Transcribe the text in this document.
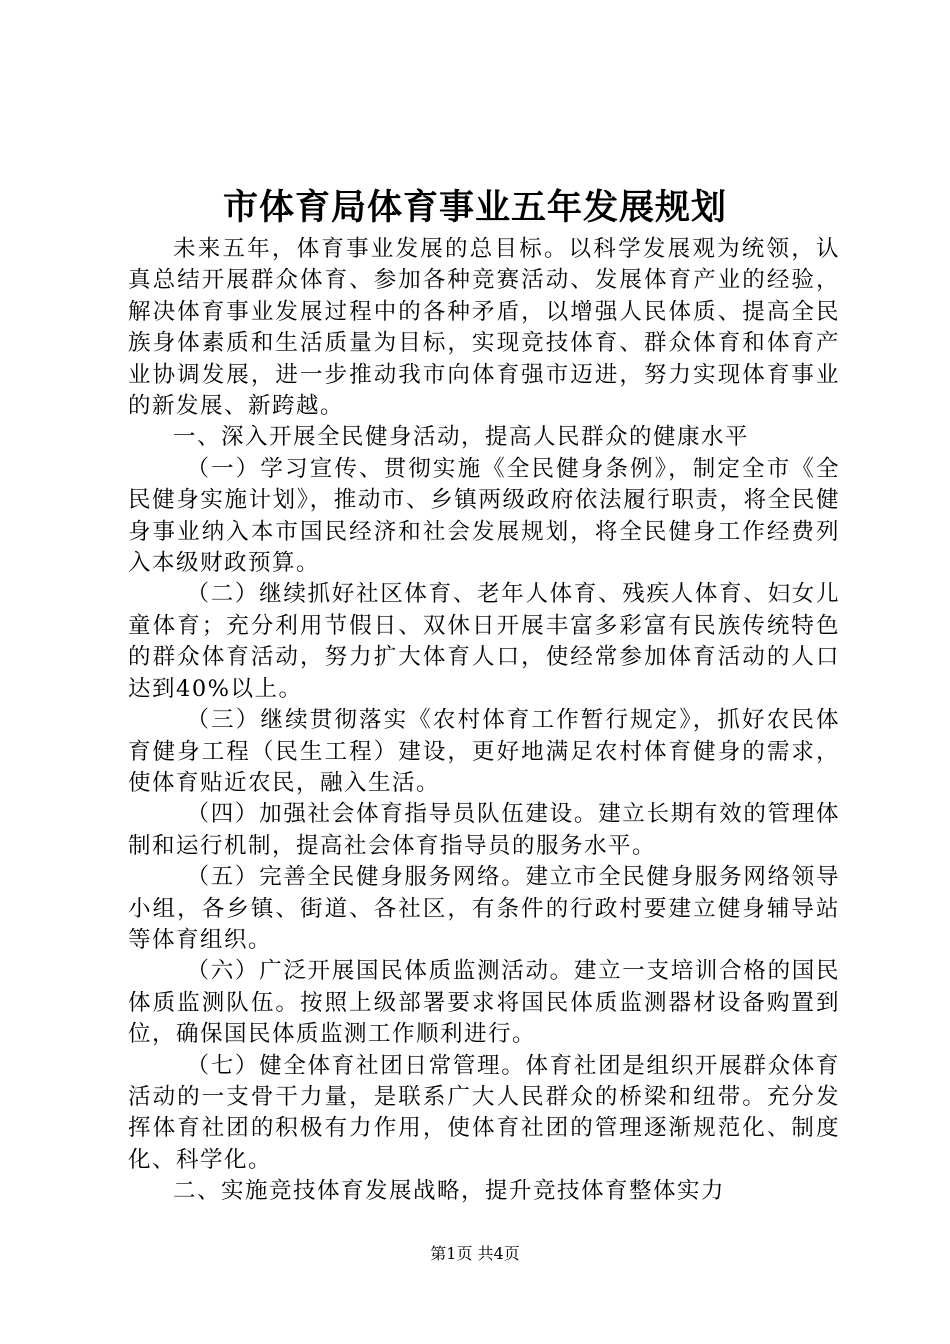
市体育局体育事业五年发展规划

未来五年，体育事业发展的总目标。以科学发展观为统领，认真总结开展群众体育、参加各种竞赛活动、发展体育产业的经验，解决体育事业发展过程中的各种矛盾，以增强人民体质、提高全民族身体素质和生活质量为目标，实现竞技体育、群众体育和体育产业协调发展，进一步推动我市向体育强市迈进，努力实现体育事业的新发展、新跨越。

一、深入开展全民健身活动，提高人民群众的健康水平

（一）学习宣传、贯彻实施《全民健身条例》，制定全市《全民健身实施计划》，推动市、乡镇两级政府依法履行职责，将全民健身事业纳入本市国民经济和社会发展规划，将全民健身工作经费列入本级财政预算。

（二）继续抓好社区体育、老年人体育、残疾人体育、妇女儿童体育；充分利用节假日、双休日开展丰富多彩富有民族传统特色的群众体育活动，努力扩大体育人口，使经常参加体育活动的人口达到40%以上。

（三）继续贯彻落实《农村体育工作暂行规定》，抓好农民体育健身工程（民生工程）建设，更好地满足农村体育健身的需求，使体育贴近农民，融入生活。

（四）加强社会体育指导员队伍建设。建立长期有效的管理体制和运行机制，提高社会体育指导员的服务水平。

（五）完善全民健身服务网络。建立市全民健身服务网络领导小组，各乡镇、街道、各社区，有条件的行政村要建立健身辅导站等体育组织。

（六）广泛开展国民体质监测活动。建立一支培训合格的国民体质监测队伍。按照上级部署要求将国民体质监测器材设备购置到位，确保国民体质监测工作顺利进行。

（七）健全体育社团日常管理。体育社团是组织开展群众体育活动的一支骨干力量，是联系广大人民群众的桥梁和纽带。充分发挥体育社团的积极有力作用，使体育社团的管理逐渐规范化、制度化、科学化。

二、实施竞技体育发展战略，提升竞技体育整体实力

第1页 共4页
